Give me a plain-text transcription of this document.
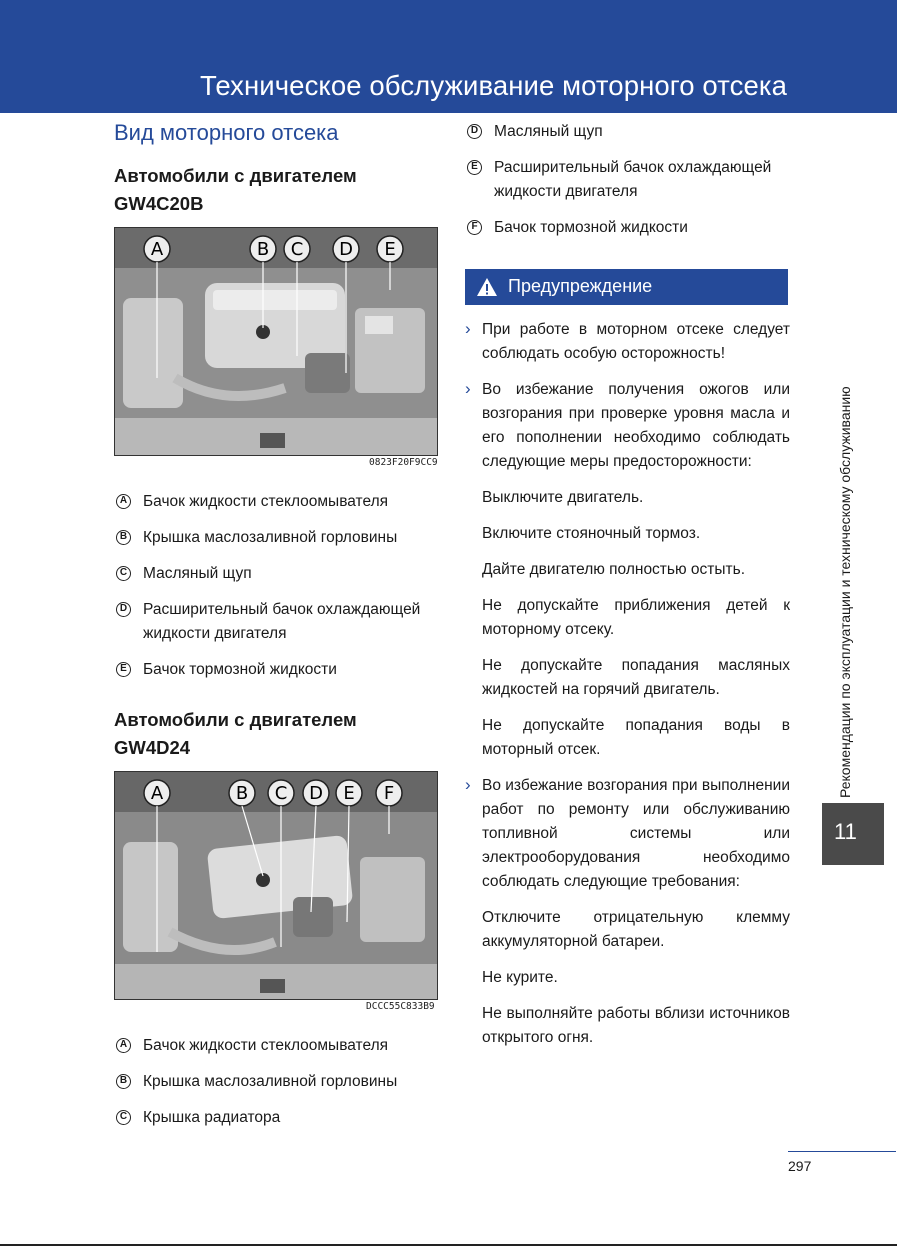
Техническое обслуживание моторного отсека
Вид моторного отсека
Автомобили с двигателем
GW4C20B
A	B C D E
0823F20F9CC9
A Бачок жидкости стеклоомывателя
B Крышка маслозаливной горловины
C Масляный щуп
D Расширительный бачок охлаждающей жидкости двигателя
E Бачок тормозной жидкости
Автомобили с двигателем
GW4D24
A	B C D E F
DCCC55C833B9
A Бачок жидкости стеклоомывателя
B Крышка маслозаливной горловины
C Крышка радиатора
D Масляный щуп
E Расширительный бачок охлаждающей жидкости двигателя
F Бачок тормозной жидкости
Предупреждение

› При работе в моторном отсеке следует соблюдать особую осторожность!

› Во избежание получения ожогов или возгорания при проверке уровня масла и его пополнении необходимо соблюдать следующие меры предосторожности:

Выключите двигатель.

Включите стояночный тормоз.

Дайте двигателю полностью остыть.

Не допускайте приближения детей к моторному отсеку.

Не допускайте попадания масляных жидкостей на горячий двигатель.

Не допускайте попадания воды в моторный отсек.

› Во избежание возгорания при выполнении работ по ремонту или обслуживанию топливной системы или электрооборудования необходимо соблюдать следующие требования:

Отключите отрицательную клемму аккумуляторной батареи.

Не курите.

Не выполняйте работы вблизи источников открытого огня.

Рекомендации по эксплуатации и техническому обслуживанию
11
297
